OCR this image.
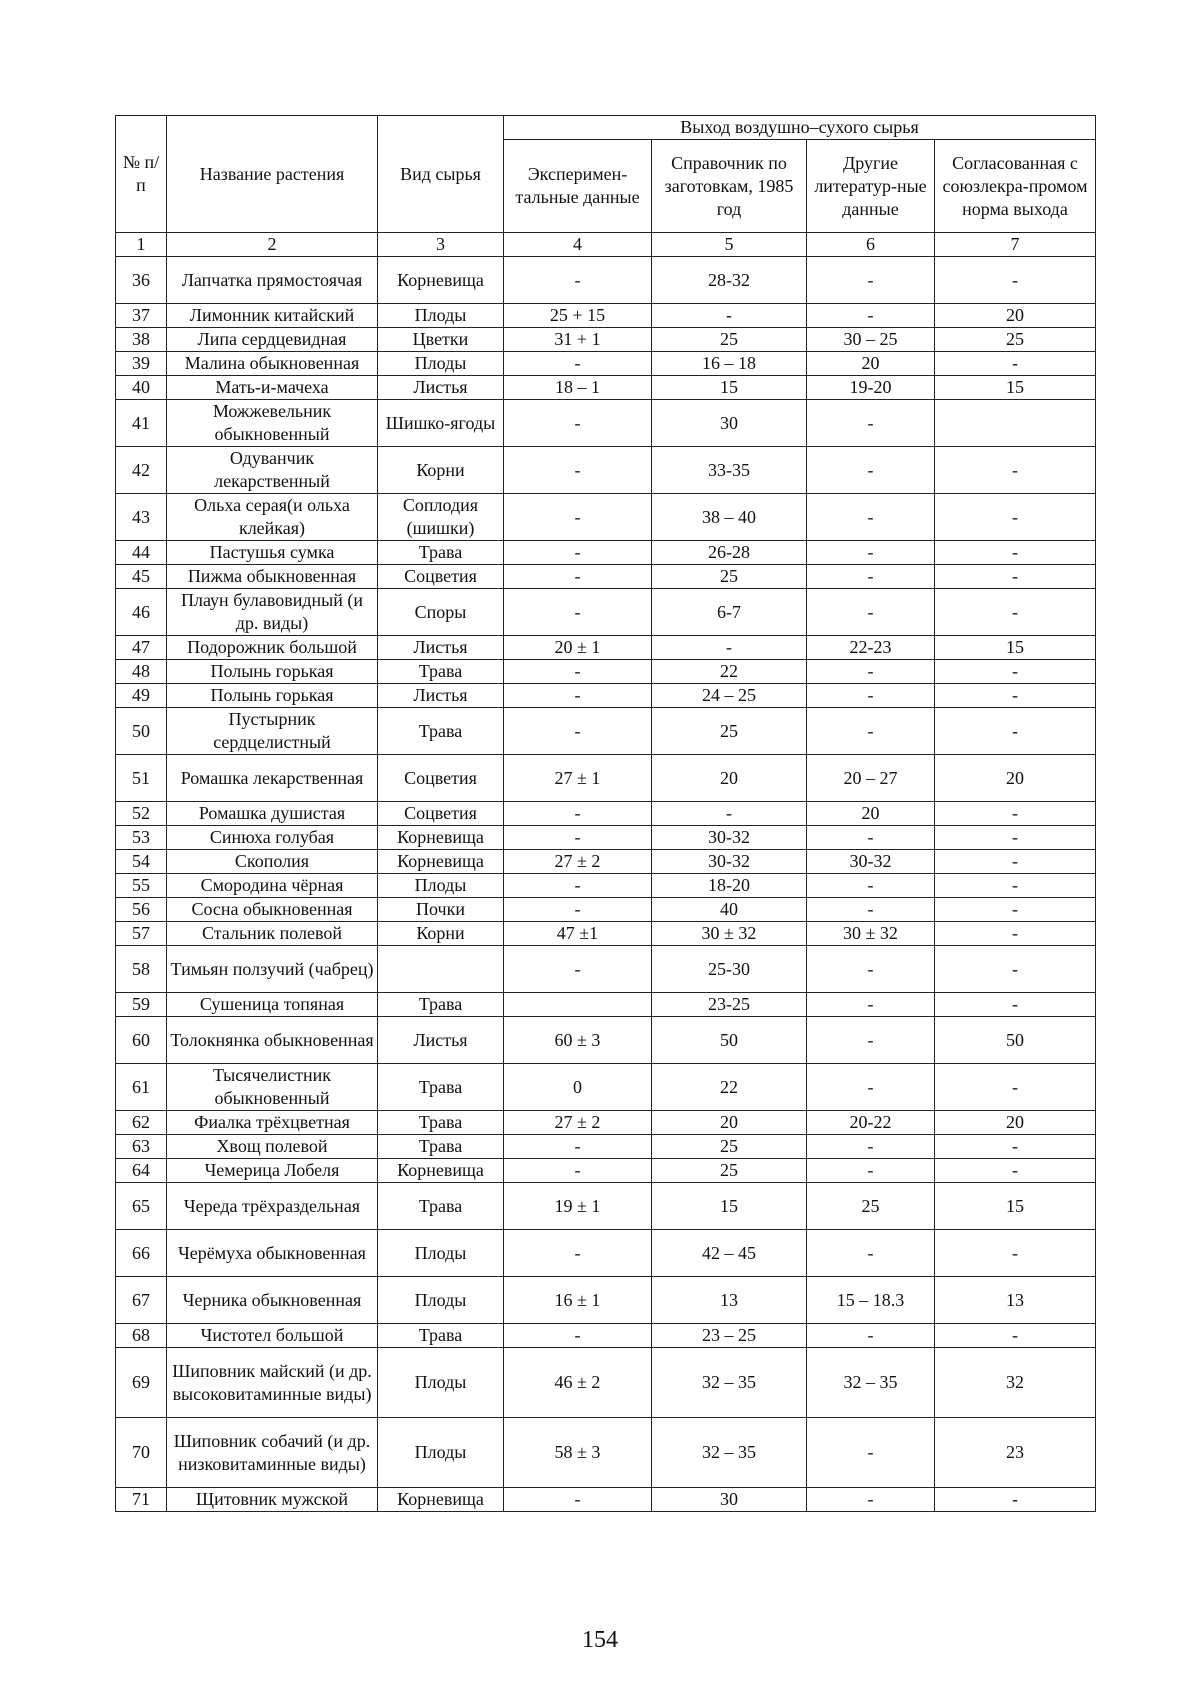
№ п/п	Название растения	Вид сырья	Выход воздушно–сухого сырья			
			Эксперимен-тальные данные	Справочник по заготовкам, 1985 год	Другие литератур-ные данные	Согласованная с союзлекра-промом норма выхода
1	2	3	4	5	6	7
36	Лапчатка прямостоячая	Корневища	-	28-32	-	-
37	Лимонник китайский	Плоды	25 + 15	-	-	20
38	Липа сердцевидная	Цветки	31 + 1	25	30 – 25	25
39	Малина обыкновенная	Плоды	-	16 – 18	20	-
40	Мать-и-мачеха	Листья	18 – 1	15	19-20	15
41	Можжевельник обыкновенный	Шишко-ягоды	-	30	-	
42	Одуванчик лекарственный	Корни	-	33-35	-	-
43	Ольха серая(и ольха клейкая)	Соплодия (шишки)	-	38 – 40	-	-
44	Пастушья сумка	Трава	-	26-28	-	-
45	Пижма обыкновенная	Соцветия	-	25	-	-
46	Плаун булавовидный (и др. виды)	Споры	-	6-7	-	-
47	Подорожник большой	Листья	20 ± 1	-	22-23	15
48	Полынь горькая	Трава	-	22	-	-
49	Полынь горькая	Листья	-	24 – 25	-	-
50	Пустырник сердцелистный	Трава	-	25	-	-
51	Ромашка лекарственная	Соцветия	27 ± 1	20	20 – 27	20
52	Ромашка душистая	Соцветия	-	-	20	-
53	Синюха голубая	Корневища	-	30-32	-	-
54	Скополия	Корневища	27 ± 2	30-32	30-32	-
55	Смородина чёрная	Плоды	-	18-20	-	-
56	Сосна обыкновенная	Почки	-	40	-	-
57	Стальник полевой	Корни	47 ±1	30 ± 32	30 ± 32	-
58	Тимьян ползучий (чабрец)		-	25-30	-	-
59	Сушеница топяная	Трава		23-25	-	-
60	Толокнянка обыкновенная	Листья	60 ± 3	50	-	50
61	Тысячелистник обыкновенный	Трава	0	22	-	-
62	Фиалка трёхцветная	Трава	27 ± 2	20	20-22	20
63	Хвощ полевой	Трава	-	25	-	-
64	Чемерица Лобеля	Корневища	-	25	-	-
65	Череда трёхраздельная	Трава	19 ± 1	15	25	15
66	Черёмуха обыкновенная	Плоды	-	42 – 45	-	-
67	Черника обыкновенная	Плоды	16 ± 1	13	15 – 18.3	13
68	Чистотел большой	Трава	-	23 – 25	-	-
69	Шиповник майский (и др. высоковитаминные виды)	Плоды	46 ± 2	32 – 35	32 – 35	32
70	Шиповник собачий (и др. низковитаминные виды)	Плоды	58 ± 3	32 – 35	-	23
71	Щитовник мужской	Корневища	-	30	-	-
154
